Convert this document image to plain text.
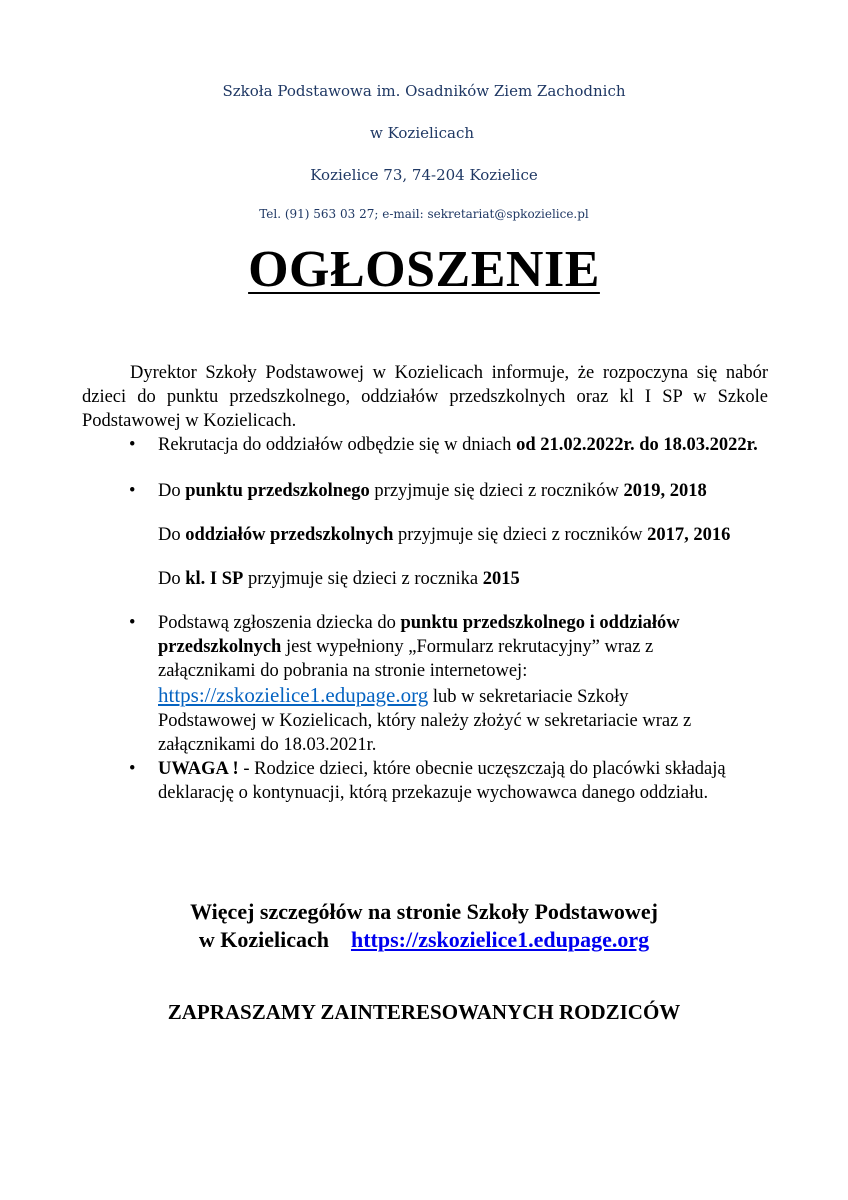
Szkoła Podstawowa im. Osadników Ziem Zachodnich
w Kozielicach
Kozielice 73, 74-204 Kozielice
Tel. (91) 563 03 27; e-mail: sekretariat@spkozielice.pl
OGŁOSZENIE
Dyrektor Szkoły Podstawowej w Kozielicach informuje, że rozpoczyna się nabór dzieci do punktu przedszkolnego, oddziałów przedszkolnych oraz kl I SP w Szkole Podstawowej w Kozielicach.
• Rekrutacja do oddziałów odbędzie się w dniach od 21.02.2022r. do 18.03.2022r.
• Do punktu przedszkolnego przyjmuje się dzieci z roczników 2019, 2018
Do oddziałów przedszkolnych przyjmuje się dzieci z roczników 2017, 2016
Do kl. I SP przyjmuje się dzieci z rocznika 2015
• Podstawą zgłoszenia dziecka do punktu przedszkolnego i oddziałów przedszkolnych jest wypełniony „Formularz rekrutacyjny” wraz z załącznikami do pobrania na stronie internetowej: https://zskozielice1.edupage.org lub w sekretariacie Szkoły Podstawowej w Kozielicach, który należy złożyć w sekretariacie wraz z załącznikami do 18.03.2021r.
• UWAGA ! - Rodzice dzieci, które obecnie uczęszczają do placówki składają deklarację o kontynuacji, którą przekazuje wychowawca danego oddziału.
Więcej szczegółów na stronie Szkoły Podstawowej
w Kozielicach https://zskozielice1.edupage.org
ZAPRASZAMY ZAINTERESOWANYCH RODZICÓW
